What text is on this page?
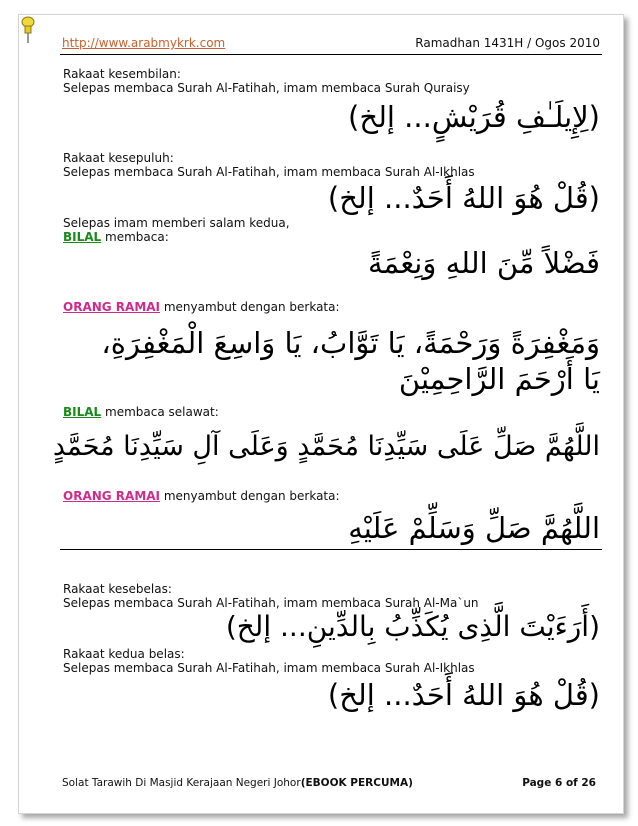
http://www.arabmykrk.com	Ramadhan 1431H / Ogos 2010
Rakaat kesembilan:
Selepas membaca Surah Al-Fatihah, imam membaca Surah Quraisy
(لِإِيلَـٰفِ قُرَيْشٍ... إلخ)
Rakaat kesepuluh:
Selepas membaca Surah Al-Fatihah, imam membaca Surah Al-Ikhlas
(قُلْ هُوَ اللهُ أَحَدٌ... إلخ)
Selepas imam memberi salam kedua,
BILAL membaca:
فَضْلاً مِّنَ اللهِ وَنِعْمَةً
ORANG RAMAI menyambut dengan berkata:
وَمَغْفِرَةً وَرَحْمَةً، يَا تَوَّابُ، يَا وَاسِعَ الْمَغْفِرَةِ،
يَا أَرْحَمَ الرَّاحِمِيْنَ
BILAL membaca selawat:
اللَّهُمَّ صَلِّ عَلَى سَيِّدِنَا مُحَمَّدٍ وَعَلَى آلِ سَيِّدِنَا مُحَمَّدٍ
ORANG RAMAI menyambut dengan berkata:
اللَّهُمَّ صَلِّ وَسَلِّمْ عَلَيْهِ
Rakaat kesebelas:
Selepas membaca Surah Al-Fatihah, imam membaca Surah Al-Ma`un
(أَرَءَيْتَ الَّذِى يُكَذِّبُ بِالدِّينِ... إلخ)
Rakaat kedua belas:
Selepas membaca Surah Al-Fatihah, imam membaca Surah Al-Ikhlas
(قُلْ هُوَ اللهُ أَحَدٌ... إلخ)
Solat Tarawih Di Masjid Kerajaan Negeri Johor(EBOOK PERCUMA)	Page 6 of 26
